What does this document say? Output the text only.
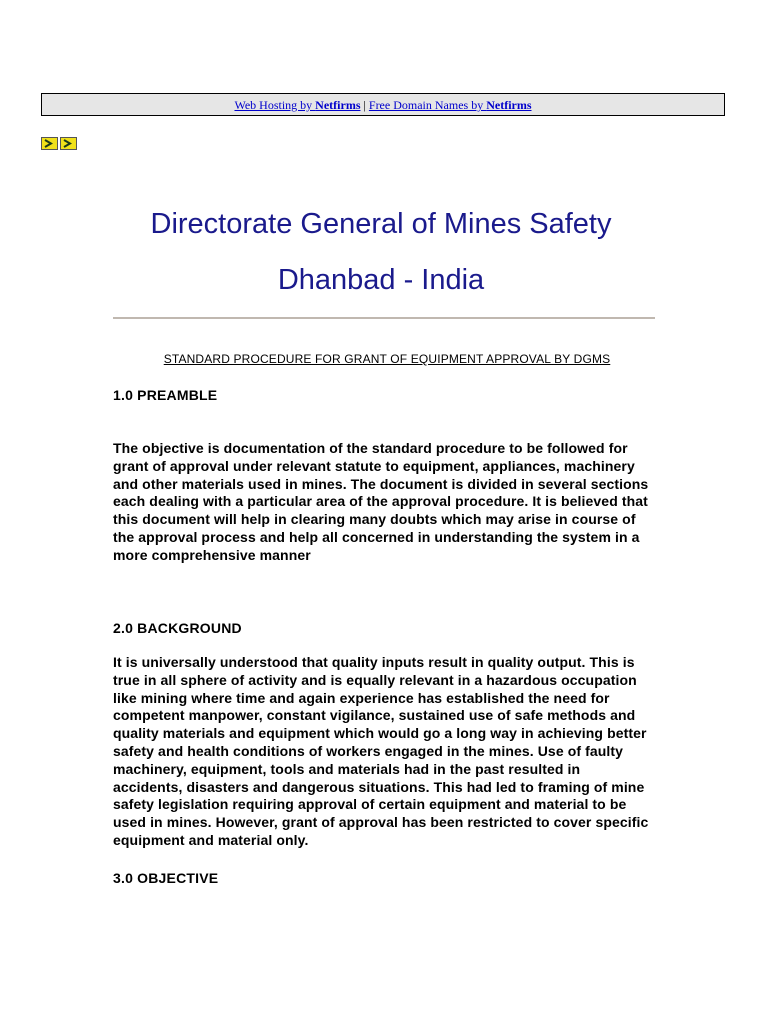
Web Hosting by Netfirms | Free Domain Names by Netfirms
Directorate General of Mines Safety
Dhanbad - India
STANDARD PROCEDURE FOR GRANT OF EQUIPMENT APPROVAL BY DGMS
1.0 PREAMBLE

The objective is documentation of the standard procedure to be followed for grant of approval under relevant statute to equipment, appliances, machinery and other materials used in mines. The document is divided in several sections each dealing with a particular area of the approval procedure. It is believed that this document will help in clearing many doubts which may arise in course of the approval process and help all concerned in understanding the system in a more comprehensive manner

2.0 BACKGROUND

It is universally understood that quality inputs result in quality output. This is true in all sphere of activity and is equally relevant in a hazardous occupation like mining where time and again experience has established the need for competent manpower, constant vigilance, sustained use of safe methods and quality materials and equipment which would go a long way in achieving better safety and health conditions of workers engaged in the mines. Use of faulty machinery, equipment, tools and materials had in the past resulted in accidents, disasters and dangerous situations. This had led to framing of mine safety legislation requiring approval of certain equipment and material to be used in mines. However, grant of approval has been restricted to cover specific equipment and material only.

3.0 OBJECTIVE
